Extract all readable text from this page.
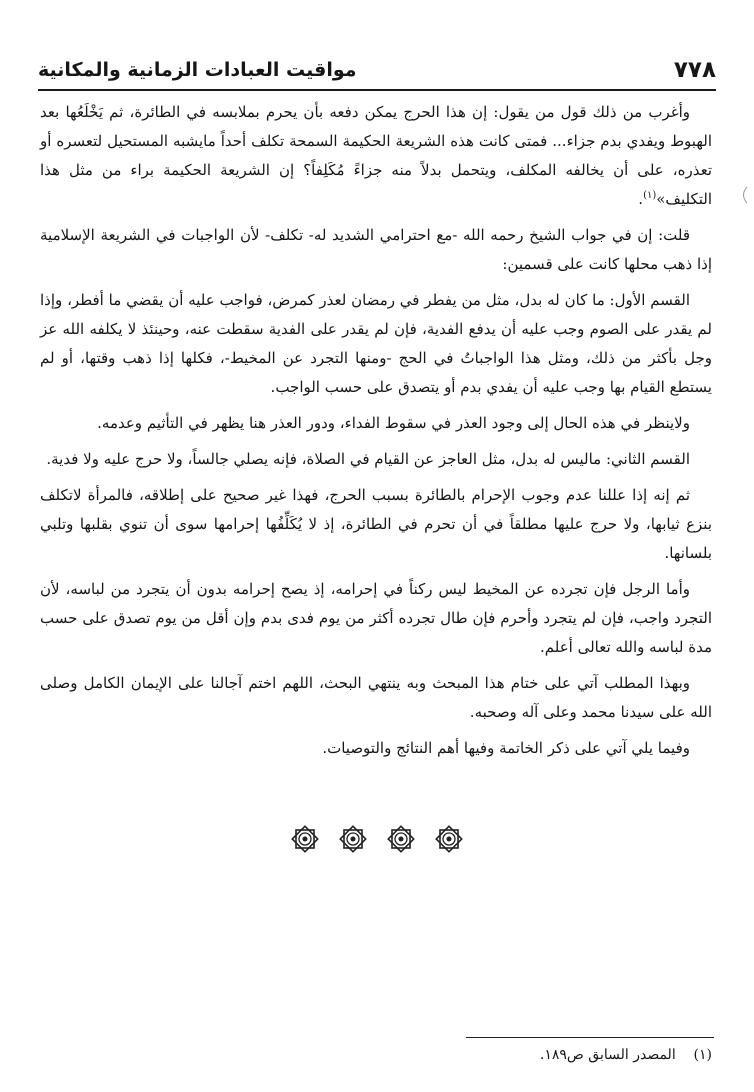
٧٧٨
مواقيت العبادات الزمانية والمكانية

وأغرب من ذلك قول من يقول: إن هذا الحرج يمكن دفعه بأن يحرم بملابسه في الطائرة، ثم يَخْلَعُها بعد الهبوط ويفدي بدم جزاء... فمتى كانت هذه الشريعة الحكيمة السمحة تكلف أحداً مايشبه المستحيل لتعسره أو تعذره، على أن يخالفه المكلف، ويتحمل بدلاً منه جزاءً مُكَلِفاً؟ إن الشريعة الحكيمة براء من مثل هذا التكليف»$^{(١)}$.

قلت: إن في جواب الشيخ رحمه الله -مع احترامي الشديد له- تكلف- لأن الواجبات في الشريعة الإسلامية إذا ذهب محلها كانت على قسمين:

القسم الأول: ما كان له بدل، مثل من يفطر في رمضان لعذر كمرض، فواجب عليه أن يقضي ما أفطر، وإذا لم يقدر على الصوم وجب عليه أن يدفع الفدية، فإن لم يقدر على الفدية سقطت عنه، وحينئذ لا يكلفه الله عز وجل بأكثر من ذلك، ومثل هذا الواجباتُ في الحج -ومنها التجرد عن المخيط-، فكلها إذا ذهب وقتها، أو لم يستطع القيام بها وجب عليه أن يفدي بدم أو يتصدق على حسب الواجب.

ولاينظر في هذه الحال إلى وجود العذر في سقوط الفداء، ودور العذر هنا يظهر في التأثيم وعدمه.

القسم الثاني: ماليس له بدل، مثل العاجز عن القيام في الصلاة، فإنه يصلي جالساً، ولا حرج عليه ولا فدية.

ثم إنه إذا عللنا عدم وجوب الإحرام بالطائرة بسبب الحرج، فهذا غير صحيح على إطلاقه، فالمرأة لاتكلف بنزع ثيابها، ولا حرج عليها مطلقاً في أن تحرم في الطائرة، إذ لا يُكَلِّفُها إحرامها سوى أن تنوي بقلبها وتلبي بلسانها.

وأما الرجل فإن تجرده عن المخيط ليس ركناً في إحرامه، إذ يصح إحرامه بدون أن يتجرد من لباسه، لأن التجرد واجب، فإن لم يتجرد وأحرم فإن طال تجرده أكثر من يوم فدى بدم وإن أقل من يوم تصدق على حسب مدة لباسه والله تعالى أعلم.

وبهذا المطلب آتي على ختام هذا المبحث وبه ينتهي البحث، اللهم اختم آجالنا على الإيمان الكامل وصلى الله على سيدنا محمد وعلى آله وصحبه.

وفيما يلي آتي على ذكر الخاتمة وفيها أهم النتائج والتوصيات.

(١)    المصدر السابق ص١٨٩.
